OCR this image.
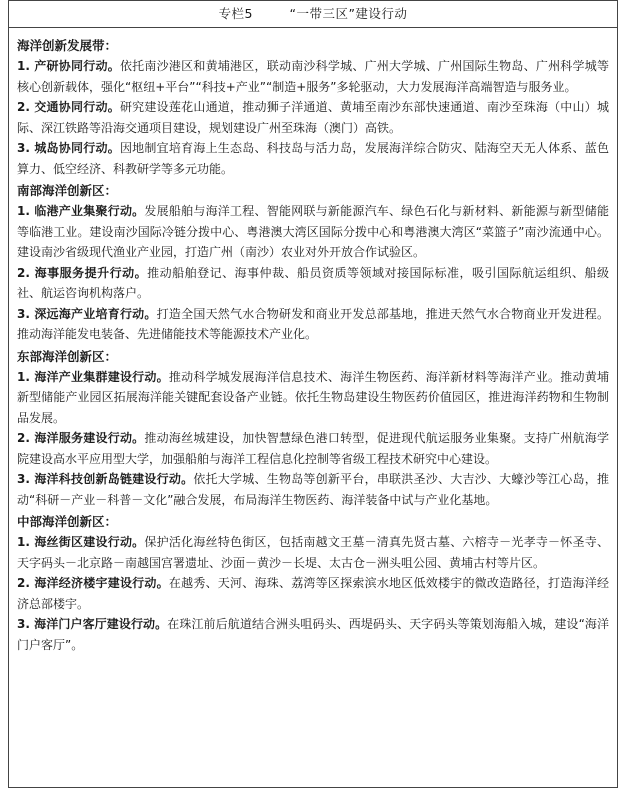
专栏5	“一带三区”建设行动
海洋创新发展带：

1. 产研协同行动。依托南沙港区和黄埔港区，联动南沙科学城、广州大学城、广州国际生物岛、广州科学城等核心创新载体，强化“枢纽+平台”“科技+产业”“制造+服务”多轮驱动，大力发展海洋高端智造与服务业。

2. 交通协同行动。研究建设莲花山通道，推动狮子洋通道、黄埔至南沙东部快速通道、南沙至珠海（中山）城际、深江铁路等沿海交通项目建设，规划建设广州至珠海（澳门）高铁。

3. 城岛协同行动。因地制宜培育海上生态岛、科技岛与活力岛，发展海洋综合防灾、陆海空天无人体系、蓝色算力、低空经济、科教研学等多元功能。

南部海洋创新区：

1. 临港产业集聚行动。发展船舶与海洋工程、智能网联与新能源汽车、绿色石化与新材料、新能源与新型储能等临港工业。建设南沙国际冷链分拨中心、粤港澳大湾区国际分拨中心和粤港澳大湾区“菜篮子”南沙流通中心。建设南沙省级现代渔业产业园，打造广州（南沙）农业对外开放合作试验区。

2. 海事服务提升行动。推动船舶登记、海事仲裁、船员资质等领域对接国际标准，吸引国际航运组织、船级社、航运咨询机构落户。

3. 深远海产业培育行动。打造全国天然气水合物研发和商业开发总部基地，推进天然气水合物商业开发进程。推动海洋能发电装备、先进储能技术等能源技术产业化。

东部海洋创新区：

1. 海洋产业集群建设行动。推动科学城发展海洋信息技术、海洋生物医药、海洋新材料等海洋产业。推动黄埔新型储能产业园区拓展海洋能关键配套设备产业链。依托生物岛建设生物医药价值园区，推进海洋药物和生物制品发展。

2. 海洋服务建设行动。推动海丝城建设，加快智慧绿色港口转型，促进现代航运服务业集聚。支持广州航海学院建设高水平应用型大学，加强船舶与海洋工程信息化控制等省级工程技术研究中心建设。

3. 海洋科技创新岛链建设行动。依托大学城、生物岛等创新平台，串联洪圣沙、大吉沙、大蠔沙等江心岛，推动“科研－产业－科普－文化”融合发展，布局海洋生物医药、海洋装备中试与产业化基地。

中部海洋创新区：

1. 海丝街区建设行动。保护活化海丝特色街区，包括南越文王墓－清真先贤古墓、六榕寺－光孝寺－怀圣寺、天字码头－北京路－南越国宫署遗址、沙面－黄沙－长堤、太古仓－洲头咀公园、黄埔古村等片区。

2. 海洋经济楼宇建设行动。在越秀、天河、海珠、荔湾等区探索滨水地区低效楼宇的微改造路径，打造海洋经济总部楼宇。

3. 海洋门户客厅建设行动。在珠江前后航道结合洲头咀码头、西堤码头、天字码头等策划海船入城，建设“海洋门户客厅”。
